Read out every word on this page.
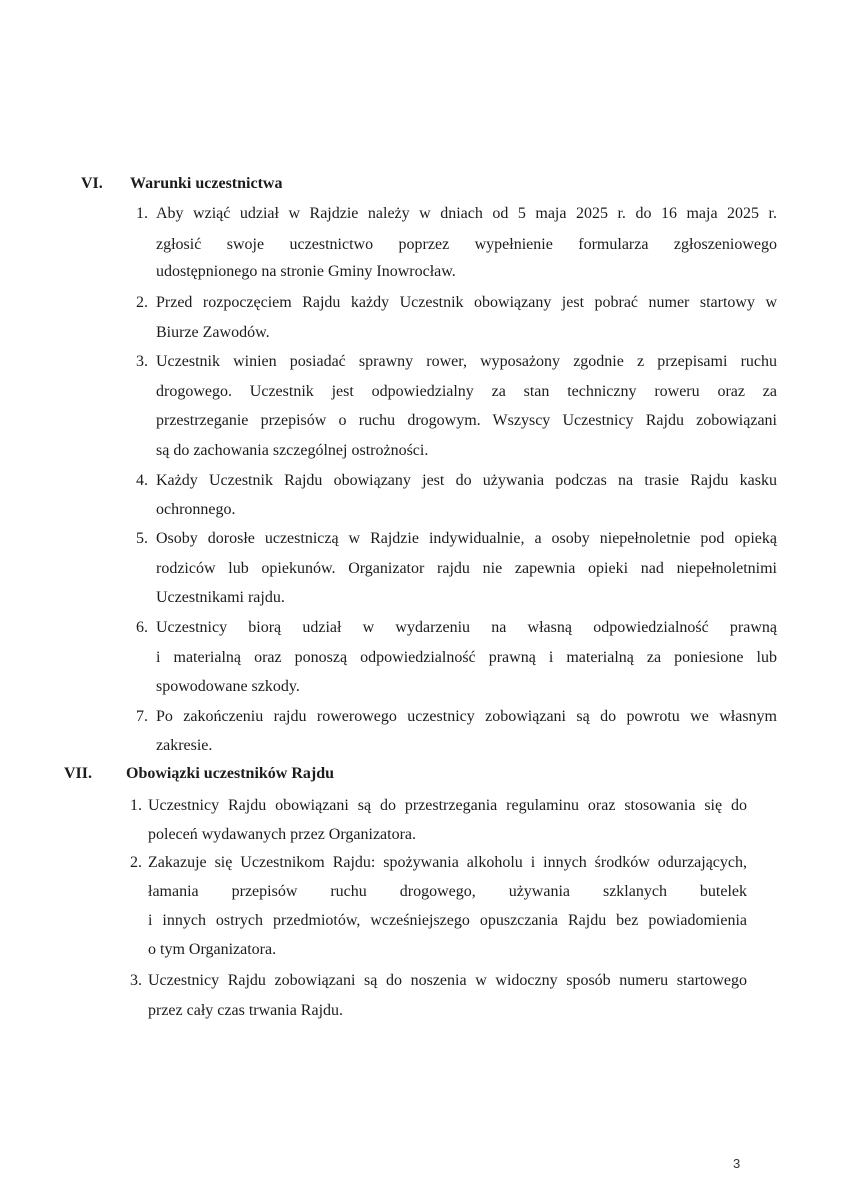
VI. Warunki uczestnictwa
1. Aby wziąć udział w Rajdzie należy w dniach od 5 maja 2025 r. do 16 maja 2025 r.
zgłosić swoje uczestnictwo poprzez wypełnienie formularza zgłoszeniowego
udostępnionego na stronie Gminy Inowrocław.
2. Przed rozpoczęciem Rajdu każdy Uczestnik obowiązany jest pobrać numer startowy w
Biurze Zawodów.
3. Uczestnik winien posiadać sprawny rower, wyposażony zgodnie z przepisami ruchu
drogowego. Uczestnik jest odpowiedzialny za stan techniczny roweru oraz za
przestrzeganie przepisów o ruchu drogowym. Wszyscy Uczestnicy Rajdu zobowiązani
są do zachowania szczególnej ostrożności.
4. Każdy Uczestnik Rajdu obowiązany jest do używania podczas na trasie Rajdu kasku
ochronnego.
5. Osoby dorosłe uczestniczą w Rajdzie indywidualnie, a osoby niepełnoletnie pod opieką
rodziców lub opiekunów. Organizator rajdu nie zapewnia opieki nad niepełnoletnimi
Uczestnikami rajdu.
6. Uczestnicy biorą udział w wydarzeniu na własną odpowiedzialność prawną
i materialną oraz ponoszą odpowiedzialność prawną i materialną za poniesione lub
spowodowane szkody.
7. Po zakończeniu rajdu rowerowego uczestnicy zobowiązani są do powrotu we własnym
zakresie.
VII. Obowiązki uczestników Rajdu
1. Uczestnicy Rajdu obowiązani są do przestrzegania regulaminu oraz stosowania się do
poleceń wydawanych przez Organizatora.
2. Zakazuje się Uczestnikom Rajdu: spożywania alkoholu i innych środków odurzających,
łamania przepisów ruchu drogowego, używania szklanych butelek
i innych ostrych przedmiotów, wcześniejszego opuszczania Rajdu bez powiadomienia
o tym Organizatora.
3. Uczestnicy Rajdu zobowiązani są do noszenia w widoczny sposób numeru startowego
przez cały czas trwania Rajdu.
3
